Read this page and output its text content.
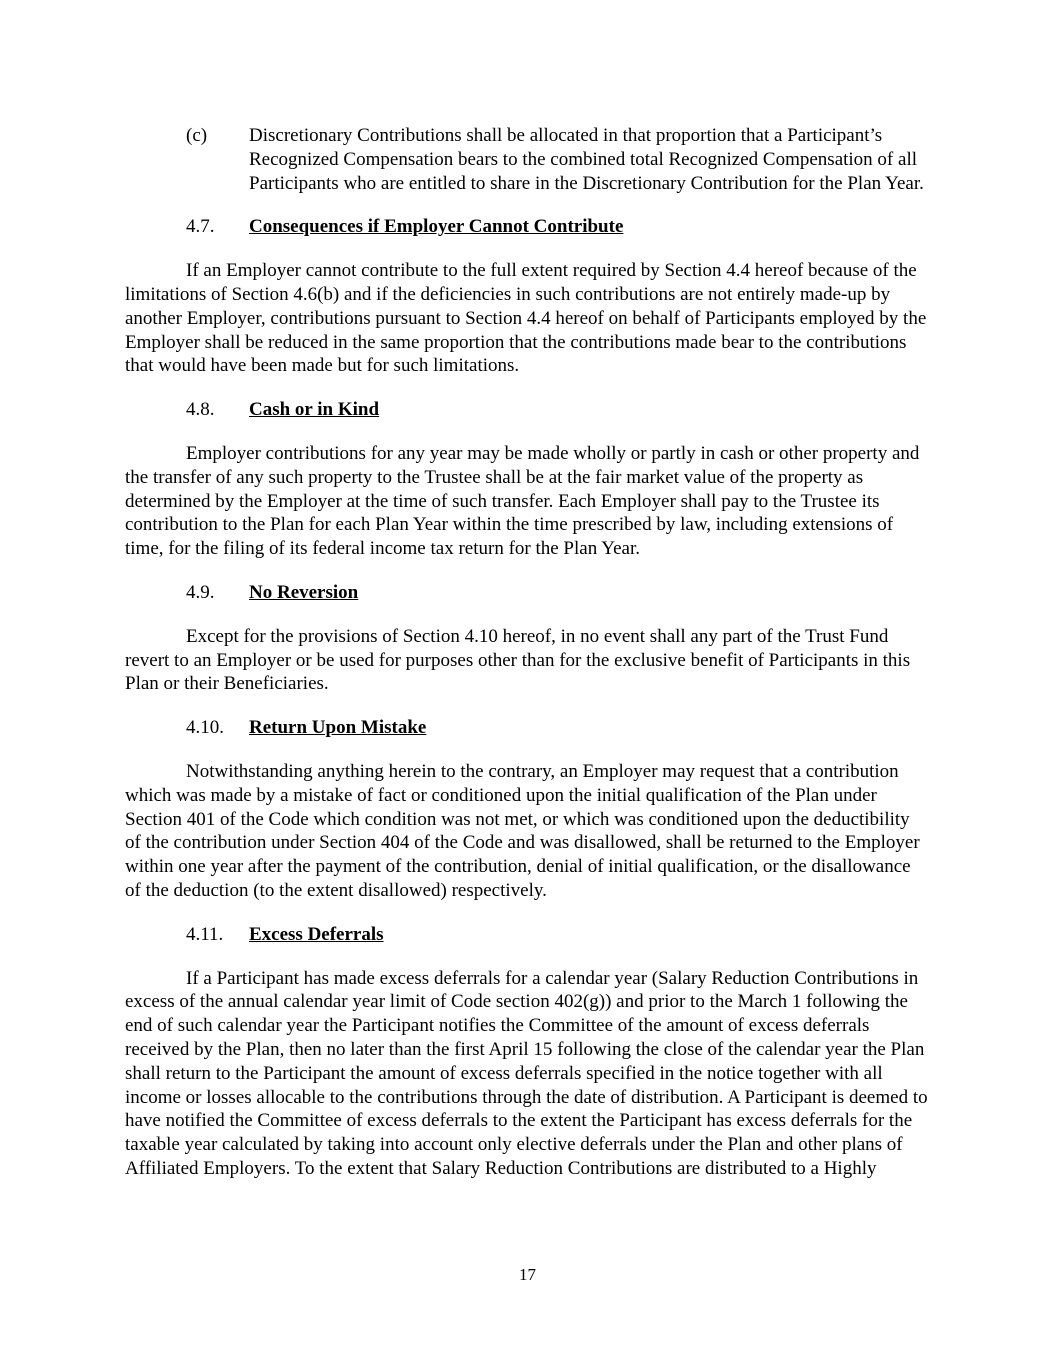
(c)	Discretionary Contributions shall be allocated in that proportion that a Participant’s Recognized Compensation bears to the combined total Recognized Compensation of all Participants who are entitled to share in the Discretionary Contribution for the Plan Year.
4.7.	Consequences if Employer Cannot Contribute
If an Employer cannot contribute to the full extent required by Section 4.4 hereof because of the limitations of Section 4.6(b) and if the deficiencies in such contributions are not entirely made-up by another Employer, contributions pursuant to Section 4.4 hereof on behalf of Participants employed by the Employer shall be reduced in the same proportion that the contributions made bear to the contributions that would have been made but for such limitations.
4.8.	Cash or in Kind
Employer contributions for any year may be made wholly or partly in cash or other property and the transfer of any such property to the Trustee shall be at the fair market value of the property as determined by the Employer at the time of such transfer. Each Employer shall pay to the Trustee its contribution to the Plan for each Plan Year within the time prescribed by law, including extensions of time, for the filing of its federal income tax return for the Plan Year.
4.9.	No Reversion
Except for the provisions of Section 4.10 hereof, in no event shall any part of the Trust Fund revert to an Employer or be used for purposes other than for the exclusive benefit of Participants in this Plan or their Beneficiaries.
4.10.	Return Upon Mistake
Notwithstanding anything herein to the contrary, an Employer may request that a contribution which was made by a mistake of fact or conditioned upon the initial qualification of the Plan under Section 401 of the Code which condition was not met, or which was conditioned upon the deductibility of the contribution under Section 404 of the Code and was disallowed, shall be returned to the Employer within one year after the payment of the contribution, denial of initial qualification, or the disallowance of the deduction (to the extent disallowed) respectively.
4.11.	Excess Deferrals
If a Participant has made excess deferrals for a calendar year (Salary Reduction Contributions in excess of the annual calendar year limit of Code section 402(g)) and prior to the March 1 following the end of such calendar year the Participant notifies the Committee of the amount of excess deferrals received by the Plan, then no later than the first April 15 following the close of the calendar year the Plan shall return to the Participant the amount of excess deferrals specified in the notice together with all income or losses allocable to the contributions through the date of distribution. A Participant is deemed to have notified the Committee of excess deferrals to the extent the Participant has excess deferrals for the taxable year calculated by taking into account only elective deferrals under the Plan and other plans of Affiliated Employers. To the extent that Salary Reduction Contributions are distributed to a Highly
17
